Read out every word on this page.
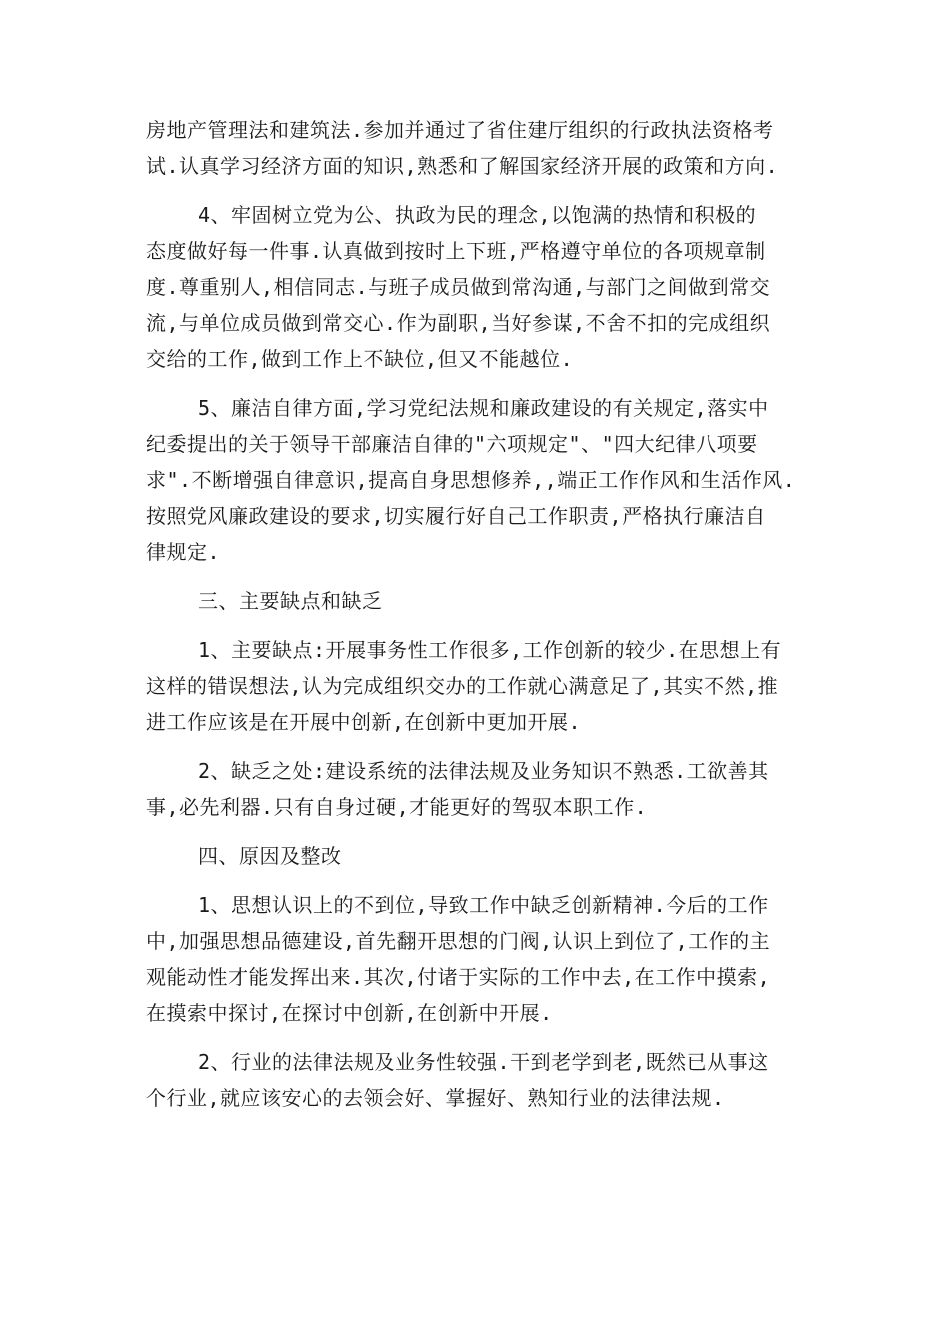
房地产管理法和建筑法.参加并通过了省住建厅组织的行政执法资格考
试.认真学习经济方面的知识,熟悉和了解国家经济开展的政策和方向.
4、牢固树立党为公、执政为民的理念,以饱满的热情和积极的
态度做好每一件事.认真做到按时上下班,严格遵守单位的各项规章制
度.尊重别人,相信同志.与班子成员做到常沟通,与部门之间做到常交
流,与单位成员做到常交心.作为副职,当好参谋,不舍不扣的完成组织
交给的工作,做到工作上不缺位,但又不能越位.
5、廉洁自律方面,学习党纪法规和廉政建设的有关规定,落实中
纪委提出的关于领导干部廉洁自律的"六项规定"、"四大纪律八项要
求".不断增强自律意识,提高自身思想修养,,端正工作作风和生活作风.
按照党风廉政建设的要求,切实履行好自己工作职责,严格执行廉洁自
律规定.
三、主要缺点和缺乏
1、主要缺点:开展事务性工作很多,工作创新的较少.在思想上有
这样的错误想法,认为完成组织交办的工作就心满意足了,其实不然,推
进工作应该是在开展中创新,在创新中更加开展.
2、缺乏之处:建设系统的法律法规及业务知识不熟悉.工欲善其
事,必先利器.只有自身过硬,才能更好的驾驭本职工作.
四、原因及整改
1、思想认识上的不到位,导致工作中缺乏创新精神.今后的工作
中,加强思想品德建设,首先翻开思想的门阀,认识上到位了,工作的主
观能动性才能发挥出来.其次,付诸于实际的工作中去,在工作中摸索,
在摸索中探讨,在探讨中创新,在创新中开展.
2、行业的法律法规及业务性较强.干到老学到老,既然已从事这
个行业,就应该安心的去领会好、掌握好、熟知行业的法律法规.
